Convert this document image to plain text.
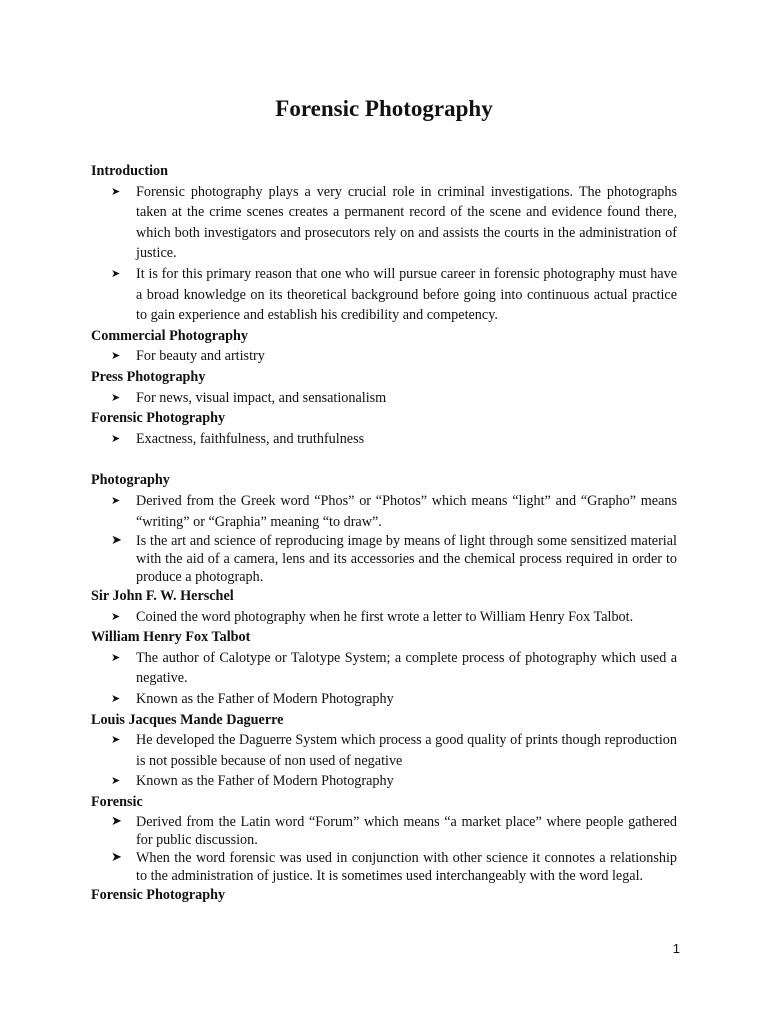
Forensic Photography

Introduction

➤	Forensic photography plays a very crucial role in criminal investigations. The photographs taken at the crime scenes creates a permanent record of the scene and evidence found there, which both investigators and prosecutors rely on and assists the courts in the administration of justice.
➤	It is for this primary reason that one who will pursue career in forensic photography must have a broad knowledge on its theoretical background before going into continuous actual practice to gain experience and establish his credibility and competency.

Commercial Photography

➤	For beauty and artistry

Press Photography

➤	For news, visual impact, and sensationalism

Forensic Photography

➤	Exactness, faithfulness, and truthfulness

Photography

➤	Derived from the Greek word “Phos” or “Photos” which means “light” and “Grapho” means “writing” or “Graphia” meaning “to draw”.
➤ Is the art and science of reproducing image by means of light through some sensitized material with the aid of a camera, lens and its accessories and the chemical process required in order to produce a photograph.

Sir John F. W. Herschel

➤	Coined the word photography when he first wrote a letter to William Henry Fox Talbot.

William Henry Fox Talbot

➤	The author of Calotype or Talotype System; a complete process of photography which used a negative.
➤	Known as the Father of Modern Photography

Louis Jacques Mande Daguerre

➤	He developed the Daguerre System which process a good quality of prints though reproduction is not possible because of non used of negative
➤	Known as the Father of Modern Photography

Forensic

➤ Derived from the Latin word “Forum” which means “a market place” where people gathered for public discussion.
➤ When the word forensic was used in conjunction with other science it connotes a relationship to the administration of justice. It is sometimes used interchangeably with the word legal.

Forensic Photography

1
